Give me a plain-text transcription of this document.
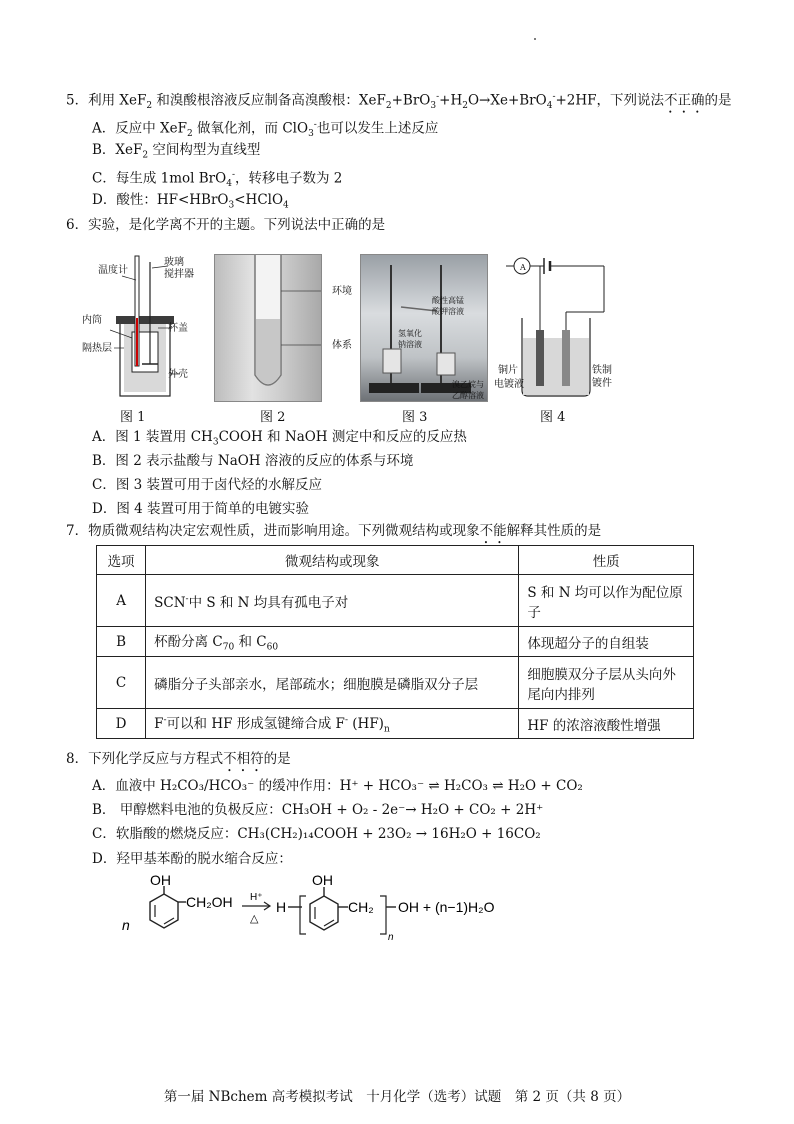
5．利用 XeF$_2$ 和溴酸根溶液反应制备高溴酸根：$XeF_2+BrO_3^-+H_2O\to Xe+BrO_4^-+2HF$，下列说法不正确的是
A．反应中 XeF$_2$ 做氧化剂，而 ClO$_3$-也可以发生上述反应
B．XeF$_2$ 空间构型为直线型
C．每生成 1mol BrO$_4$-，转移电子数为 2
D．酸性：HF<HBrO$_3$<HClO$_4$
6．实验，是化学离不开的主题。下列说法中正确的是
温度计
玻璃
搅拌器
内筒
杯盖
隔热层
外壳
环境
体系
酸性高锰
酸钾溶液
氢氧化
钠溶液
溴乙烷与
乙醇溶液
A
铜片
电镀液
铁制
镀件
图 1	图 2	图 3	图 4
A．图 1 装置用 $CH_3COOH$ 和 NaOH 测定中和反应的反应热
B．图 2 表示盐酸与 NaOH 溶液的反应的体系与环境
C．图 3 装置可用于卤代烃的水解反应
D．图 4 装置可用于简单的电镀实验
7．物质微观结构决定宏观性质，进而影响用途。下列微观结构或现象不能解释其性质的是
选项	微观结构或现象	性质
A	SCN-中 S 和 N 均具有孤电子对	S 和 N 均可以作为配位原子
B	杯酚分离 $C_{70}$ 和 $C_{60}$	体现超分子的自组装
C	磷脂分子头部亲水，尾部疏水；细胞膜是磷脂双分子层	细胞膜双分子层从头向外尾向内排列
D	F-可以和 HF 形成氢键缔合成 F- $(HF)_n$	HF 的浓溶液酸性增强
8．下列化学反应与方程式不相符的是
A．血液中 H₂CO₃/HCO₃⁻ 的缓冲作用：H⁺ + HCO₃⁻ ⇌ H₂CO₃ ⇌ H₂O + CO₂
B． 甲醇燃料电池的负极反应：CH₃OH + O₂ - 2e⁻→ H₂O + CO₂ + 2H⁺
C．软脂酸的燃烧反应：CH₃(CH₂)₁₄COOH + 23O₂ → 16H₂O + 16CO₂
D．羟甲基苯酚的脱水缩合反应：
n
OH
CH₂OH H⁺
△
H
OH
CH₂
n
OH + (n−1)H₂O
第一届 NBchem 高考模拟考试　十月化学（选考）试题　第 2 页（共 8 页）
